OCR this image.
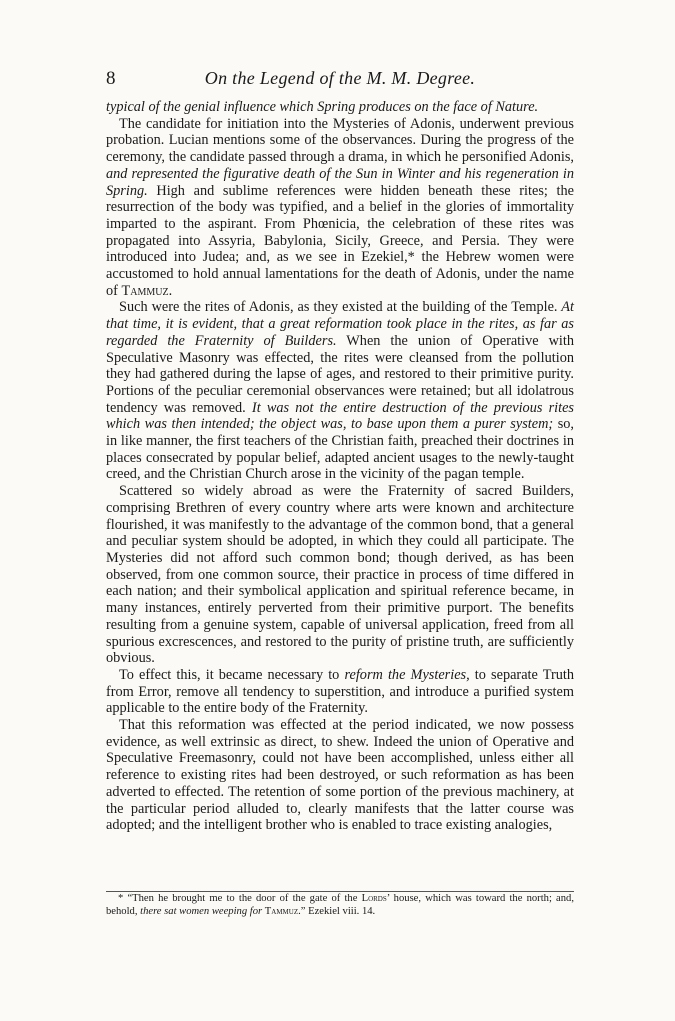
8	On the Legend of the M. M. Degree.

typical of the genial influence which Spring produces on the face of Nature.

The candidate for initiation into the Mysteries of Adonis, underwent previous probation. Lucian mentions some of the observances. During the progress of the ceremony, the candidate passed through a drama, in which he personified Adonis, and represented the figurative death of the Sun in Winter and his regeneration in Spring. High and sublime references were hidden beneath these rites; the resurrection of the body was typified, and a belief in the glories of immortality imparted to the aspirant. From Phœnicia, the celebration of these rites was propagated into Assyria, Babylonia, Sicily, Greece, and Persia. They were introduced into Judea; and, as we see in Ezekiel,* the Hebrew women were accustomed to hold annual lamentations for the death of Adonis, under the name of Tammuz.

Such were the rites of Adonis, as they existed at the building of the Temple. At that time, it is evident, that a great reformation took place in the rites, as far as regarded the Fraternity of Builders. When the union of Operative with Speculative Masonry was effected, the rites were cleansed from the pollution they had gathered during the lapse of ages, and restored to their primitive purity. Portions of the peculiar ceremonial observances were retained; but all idolatrous tendency was removed. It was not the entire destruction of the previous rites which was then intended; the object was, to base upon them a purer system; so, in like manner, the first teachers of the Christian faith, preached their doctrines in places consecrated by popular belief, adapted ancient usages to the newly-taught creed, and the Christian Church arose in the vicinity of the pagan temple.

Scattered so widely abroad as were the Fraternity of sacred Builders, comprising Brethren of every country where arts were known and architecture flourished, it was manifestly to the advantage of the common bond, that a general and peculiar system should be adopted, in which they could all participate. The Mysteries did not afford such common bond; though derived, as has been observed, from one common source, their practice in process of time differed in each nation; and their symbolical application and spiritual reference became, in many instances, entirely perverted from their primitive purport. The benefits resulting from a genuine system, capable of universal application, freed from all spurious excrescences, and restored to the purity of pristine truth, are sufficiently obvious.

To effect this, it became necessary to reform the Mysteries, to separate Truth from Error, remove all tendency to superstition, and introduce a purified system applicable to the entire body of the Fraternity.

That this reformation was effected at the period indicated, we now possess evidence, as well extrinsic as direct, to shew. Indeed the union of Operative and Speculative Freemasonry, could not have been accomplished, unless either all reference to existing rites had been destroyed, or such reformation as has been adverted to effected. The retention of some portion of the previous machinery, at the particular period alluded to, clearly manifests that the latter course was adopted; and the intelligent brother who is enabled to trace existing analogies,

* “Then he brought me to the door of the gate of the Lords’ house, which was toward the north; and, behold, there sat women weeping for Tammuz.” Ezekiel viii. 14.
